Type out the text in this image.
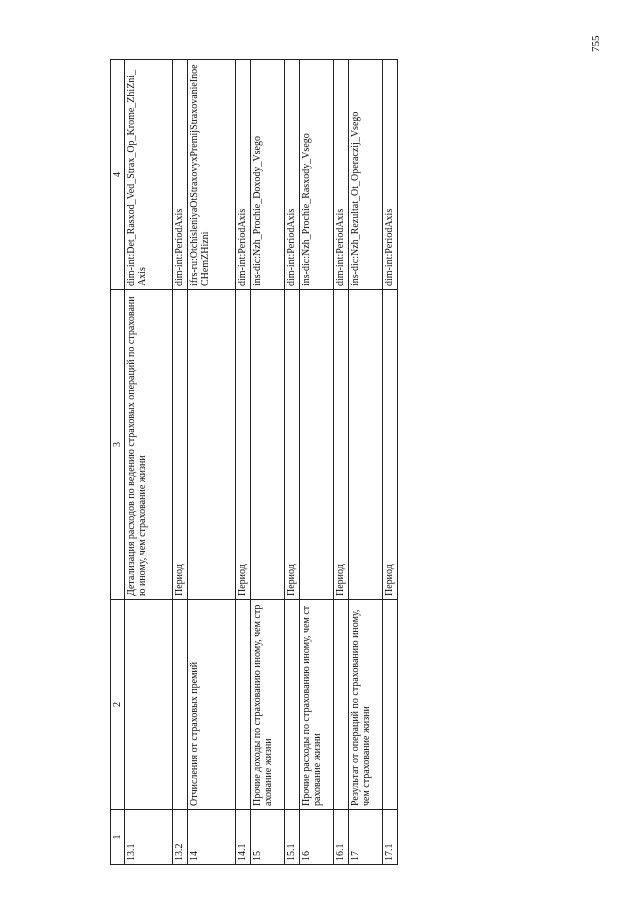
755
1	2	3	4
13.1		Детализация расходов по ведению страховых операций по страхованию иному, чем страхование жизни	dim-int:Det_Rasxod_Ved_Strax_Op_Krome_ZhiZni_Axis
13.2		Период	dim-int:PeriodAxis
14	Отчисления от страховых премий		ifrs-ru:OtchisleniyaOtStraxovyxPremijStraxovanieInoeCHemZHizni
14.1		Период	dim-int:PeriodAxis
15	Прочие доходы по страхованию иному, чем страхование жизни		ins-dic:Nzh_Prochie_Doxody_Vsego
15.1		Период	dim-int:PeriodAxis
16	Прочие расходы по страхованию иному, чем страхование жизни		ins-dic:Nzh_Prochie_Rasxody_Vsego
16.1		Период	dim-int:PeriodAxis
17	Результат от операций по страхованию иному, чем страхование жизни		ins-dic:Nzh_Rezultat_Ot_Operaczij_Vsego
17.1		Период	dim-int:PeriodAxis
